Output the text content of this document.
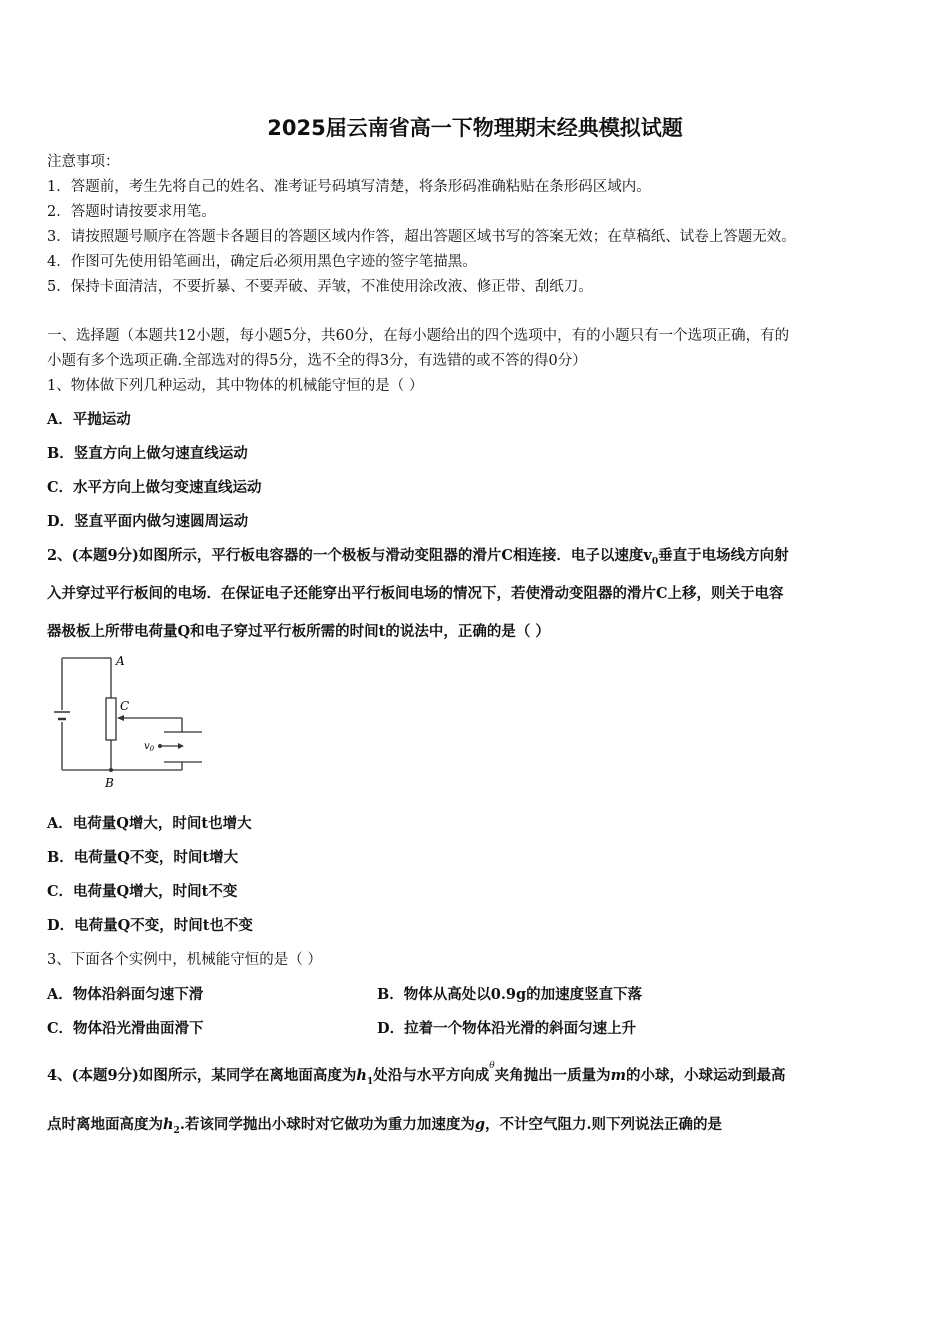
2025届云南省高一下物理期末经典模拟试题
注意事项：
1．答题前，考生先将自己的姓名、准考证号码填写清楚，将条形码准确粘贴在条形码区域内。
2．答题时请按要求用笔。
3．请按照题号顺序在答题卡各题目的答题区域内作答，超出答题区域书写的答案无效；在草稿纸、试卷上答题无效。
4．作图可先使用铅笔画出，确定后必须用黑色字迹的签字笔描黑。
5．保持卡面清洁，不要折暴、不要弄破、弄皱，不准使用涂改液、修正带、刮纸刀。
一、选择题（本题共12小题，每小题5分，共60分，在每小题给出的四个选项中，有的小题只有一个选项正确，有的
小题有多个选项正确.全部选对的得5分，选不全的得3分，有选错的或不答的得0分）
1、物体做下列几种运动，其中物体的机械能守恒的是（ ）
A．平抛运动
B．竖直方向上做匀速直线运动
C．水平方向上做匀变速直线运动
D．竖直平面内做匀速圆周运动
2、(本题9分)如图所示，平行板电容器的一个极板与滑动变阻器的滑片C相连接．电子以速度$v_0$垂直于电场线方向射
入并穿过平行板间的电场．在保证电子还能穿出平行板间电场的情况下，若使滑动变阻器的滑片C上移，则关于电容
器极板上所带电荷量Q和电子穿过平行板所需的时间t的说法中，正确的是（ ）
A
C
B
$v_0$
A．电荷量Q增大，时间t也增大
B．电荷量Q不变，时间t增大
C．电荷量Q增大，时间t不变
D．电荷量Q不变，时间t也不变
3、下面各个实例中，机械能守恒的是（ ）
A．物体沿斜面匀速下滑	B．物体从高处以0.9g的加速度竖直下落
C．物体沿光滑曲面滑下	D．拉着一个物体沿光滑的斜面匀速上升
4、(本题9分)如图所示，某同学在离地面高度为$h_1$处沿与水平方向成$^\theta$夹角抛出一质量为m的小球，小球运动到最高
点时离地面高度为$h_2$.若该同学抛出小球时对它做功为重力加速度为g，不计空气阻力.则下列说法正确的是
